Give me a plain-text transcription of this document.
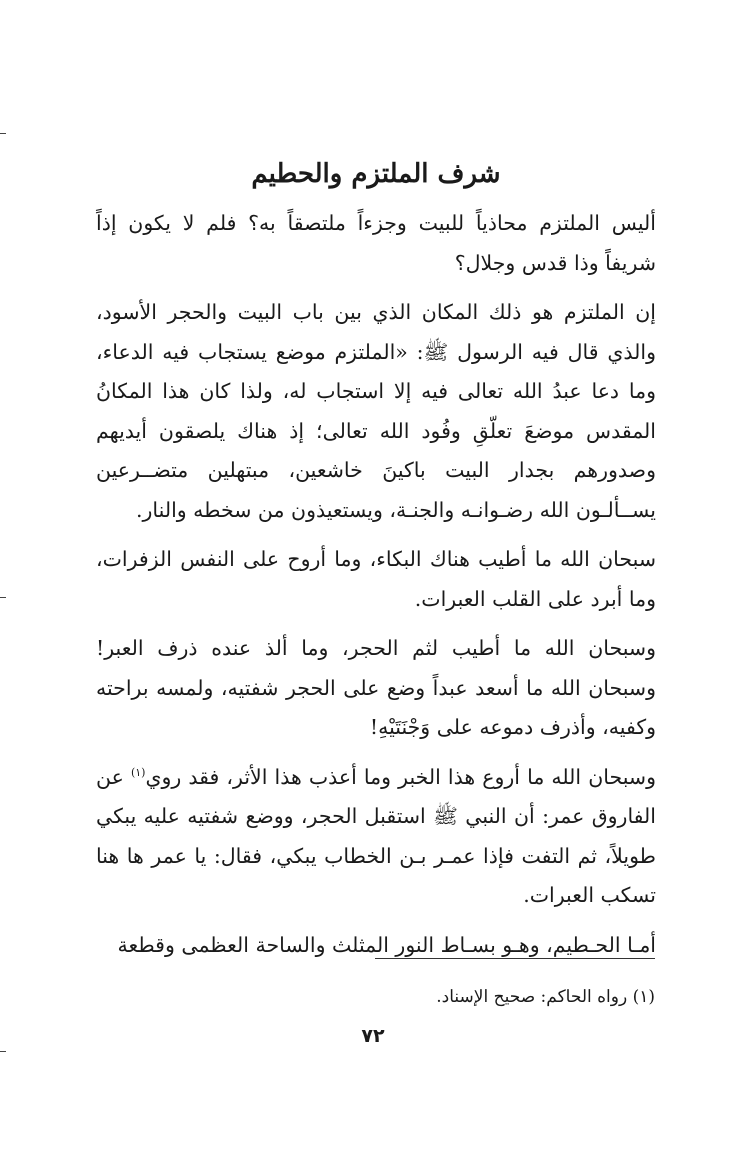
شرف الملتزم والحطيم

أليس الملتزم محاذياً للبيت وجزءاً ملتصقاً به؟ فلم لا يكون إذاً شريفاً وذا قدس وجلال؟

إن الملتزم هو ذلك المكان الذي بين باب البيت والحجر الأسود، والذي قال فيه الرسول ﷺ: «الملتزم موضع يستجاب فيه الدعاء، وما دعا عبدُ الله تعالى فيه إلا استجاب له، ولذا كان هذا المكانُ المقدس موضعَ تعلّقِ وفُود الله تعالى؛ إذ هناك يلصقون أيديهم وصدورهم بجدار البيت باكينَ خاشعين، مبتهلين متضــرعين يســألـون الله رضـوانـه والجنـة، ويستعيذون من سخطه والنار.

سبحان الله ما أطيب هناك البكاء، وما أروح على النفس الزفرات، وما أبرد على القلب العبرات.

وسبحان الله ما أطيب لثم الحجر، وما ألذ عنده ذرف العبر! وسبحان الله ما أسعد عبداً وضع على الحجر شفتيه، ولمسه براحته وكفيه، وأذرف دموعه على وَجْنَتَيْهِ!

وسبحان الله ما أروع هذا الخبر وما أعذب هذا الأثر، فقد روي$^{(١)}$ عن الفاروق عمر: أن النبي ﷺ استقبل الحجر، ووضع شفتيه عليه يبكي طويلاً، ثم التفت فإذا عمـر بـن الخطاب يبكي، فقال: يا عمر ها هنا تسكب العبرات.

أمـا الحـطيم، وهـو بسـاط النور المثلث والساحة العظمى وقطعة

(١) رواه الحاكم: صحيح الإسناد.
٧٢
